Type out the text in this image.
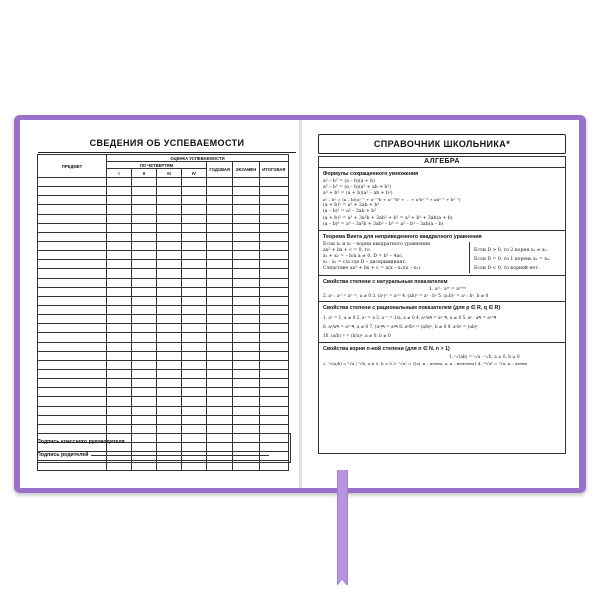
СВЕДЕНИЯ ОБ УСПЕВАЕМОСТИ
ПРЕДМЕТ	ОЦЕНКА УСПЕВАЕМОСТИ						
	ПО ЧЕТВЕРТЯМ				ГОДОВАЯ	ЭКЗАМЕН	ИТОГОВАЯ
	I	II	III	IV			

Подпись классного руководителя
Подпись родителей
СПРАВОЧНИК ШКОЛЬНИКА*
АЛГЕБРА
Формулы сокращенного умножения
a² – b² = (a – b)(a + b)
a³ – b³ = (a – b)(a² + ab + b²)
a³ + b³ = (a + b)(a² – ab + b²)
aⁿ – bⁿ = (a – b)(aⁿ⁻¹ + aⁿ⁻²b + aⁿ⁻³b² + ... + a²bⁿ⁻³ + abⁿ⁻² + bⁿ⁻¹)
(a + b)² = a² + 2ab + b²
(a – b)² = a² – 2ab + b²
(a + b)³ = a³ + 3a²b + 3ab² + b³ = a³ + b³ + 3ab(a + b)
(a – b)³ = a³ – 3a²b + 3ab² – b³ = a³ – b³ – 3ab(a – b)
Теорема Виета для неприведенного квадратного уравнения
Если x₁ и x₂ – корни квадратного уравнения
ax² + bx + c = 0, то
x₁ + x₂ = – b/a a ≠ 0, D = b² – 4ac,
x₁ · x₂ = c/a где D – дискриминант.
Следствие ax² + bx + c = a(x – x₁)(x – x₂).
Если D > 0, то 2 корня x₁ ≠ x₂.
Если D = 0, то 1 корень x₁ = x₂.
Если D < 0, то корней нет.
Свойства степени с натуральным показателем
1. aⁿ · aᵐ = aⁿ⁺ᵐ
2. aⁿ : aᵐ = aⁿ⁻ᵐ, a ≠ 0 3. (aⁿ)ᵐ = aⁿᵐ 4. (ab)ⁿ = aⁿ · bⁿ 5. (a:b)ⁿ = aⁿ : bⁿ, b ≠ 0
Свойства степени с рациональным показателем (для p ∈ R, q ∈ R)
1. a⁰ = 1, a ≠ 0 2. a¹ = a 3. a⁻¹ = 1/a, a ≠ 0 4. aᵖ/aᑫ = aᵖ⁻ᑫ, a ≠ 0 5. aᵖ · aᑫ = aᵖ⁺ᑫ
6. aᵖ/aᑫ = aᵖ⁻ᑫ, a ≠ 0 7. (aᵖ)ᑫ = aᵖᑫ 8. aᵖ/bᵖ = (a/b)ᵖ, b ≠ 0 9. aᵖbᵖ = (ab)ᵖ
10. (a/b)⁻ᵖ = (b/a)ᵖ, a ≠ 0, b ≠ 0
Свойства корня n-ной степени (для n ∈ N, n > 1)
1. ⁿ√(ab) = ⁿ√a · ⁿ√b, a ≥ 0, b ≥ 0
2. ⁿ√(a/b) = ⁿ√a / ⁿ√b, a ≥ 0, b > 0 3. ⁿ√aⁿ = {|a|, n – четно; a, n – нечетно} 4. ⁿᵏ√aᵏ = ⁿ√a, n – четно
